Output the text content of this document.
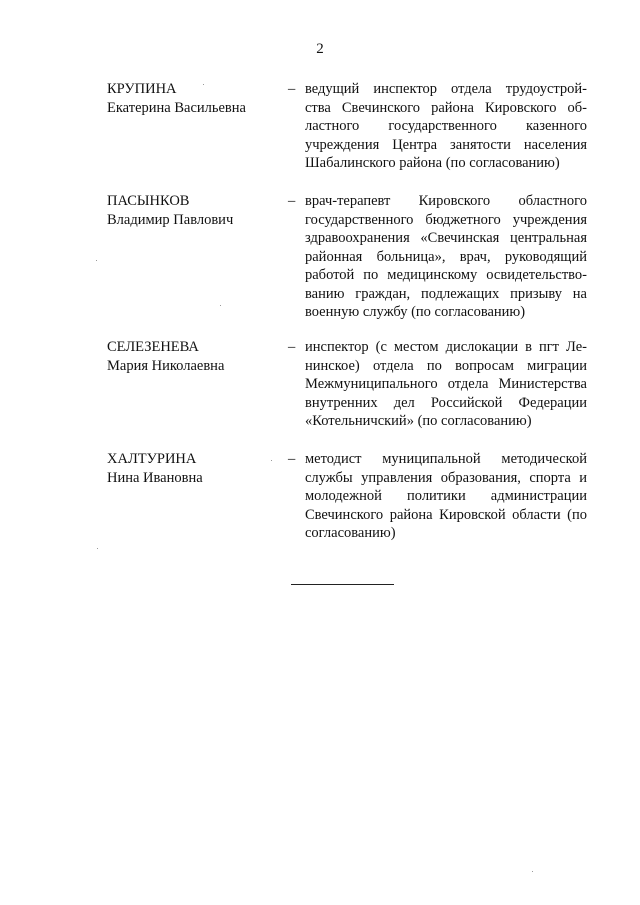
2
КРУПИНА
Екатерина Васильевна
– ведущий инспектор отдела трудоустрой-
ства Свечинского района Кировского об-
ластного государственного казенного
учреждения Центра занятости населения
Шабалинского района (по согласованию)

ПАСЫНКОВ
Владимир Павлович
– врач-терапевт Кировского областного
государственного бюджетного учреждения
здравоохранения «Свечинская центральная
районная больница», врач, руководящий
работой по медицинскому освидетельство-
ванию граждан, подлежащих призыву на
военную службу (по согласованию)

СЕЛЕЗЕНЕВА
Мария Николаевна
– инспектор (с местом дислокации в пгт Ле-
нинское) отдела по вопросам миграции
Межмуниципального отдела Министерства
внутренних дел Российской Федерации
«Котельничский» (по согласованию)

ХАЛТУРИНА
Нина Ивановна
– методист муниципальной методической
службы управления образования, спорта и
молодежной политики администрации
Свечинского района Кировской области (по
согласованию)
